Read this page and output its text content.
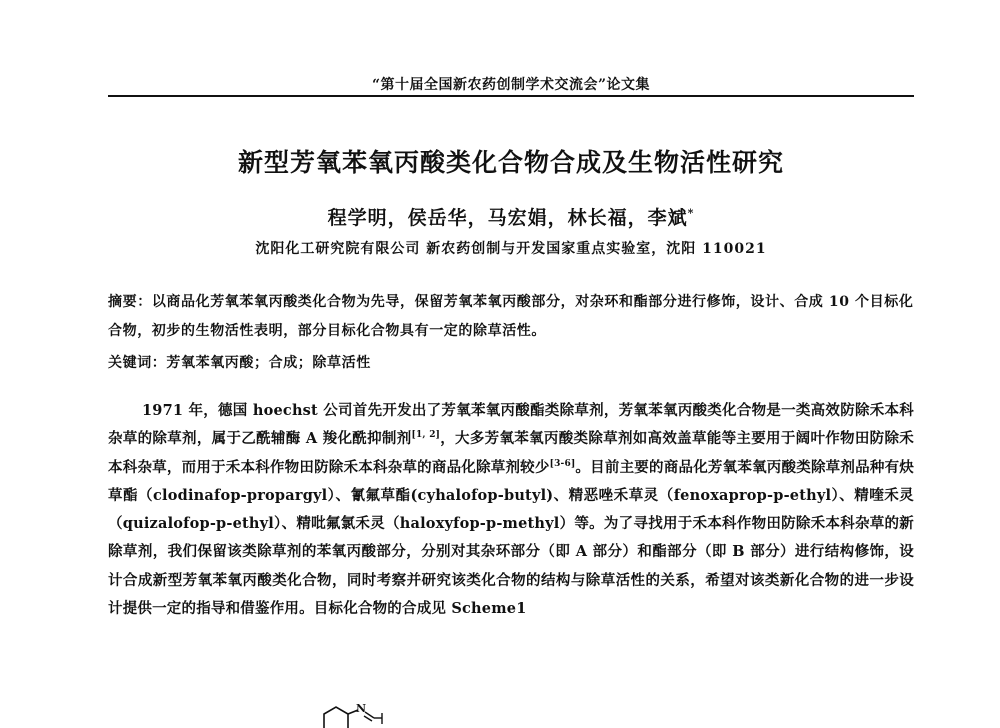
“第十届全国新农药创制学术交流会”论文集
新型芳氧苯氧丙酸类化合物合成及生物活性研究
程学明，侯岳华，马宏娟，林长福，李斌*
沈阳化工研究院有限公司 新农药创制与开发国家重点实验室，沈阳 110021

摘要：以商品化芳氧苯氧丙酸类化合物为先导，保留芳氧苯氧丙酸部分，对杂环和酯部分进行修饰，设计、合成 10 个目标化合物，初步的生物活性表明，部分目标化合物具有一定的除草活性。

关键词：芳氧苯氧丙酸；合成；除草活性

1971 年，德国 hoechst 公司首先开发出了芳氧苯氧丙酸酯类除草剂，芳氧苯氧丙酸类化合物是一类高效防除禾本科杂草的除草剂，属于乙酰辅酶 A 羧化酰抑制剂[1, 2]，大多芳氧苯氧丙酸类除草剂如高效盖草能等主要用于阔叶作物田防除禾本科杂草，而用于禾本科作物田防除禾本科杂草的商品化除草剂较少[3-6]。目前主要的商品化芳氧苯氧丙酸类除草剂品种有炔草酯（clodinafop-propargyl）、氰氟草酯(cyhalofop-butyl)、精恶唑禾草灵（fenoxaprop-p-ethyl）、精喹禾灵（quizalofop-p-ethyl）、精吡氟氯禾灵（haloxyfop-p-methyl）等。为了寻找用于禾本科作物田防除禾本科杂草的新除草剂，我们保留该类除草剂的苯氧丙酸部分，分别对其杂环部分（即 A 部分）和酯部分（即 B 部分）进行结构修饰，设计合成新型芳氧苯氧丙酸类化合物，同时考察并研究该类化合物的结构与除草活性的关系，希望对该类新化合物的进一步设计提供一定的指导和借鉴作用。目标化合物的合成见 Scheme1

N
